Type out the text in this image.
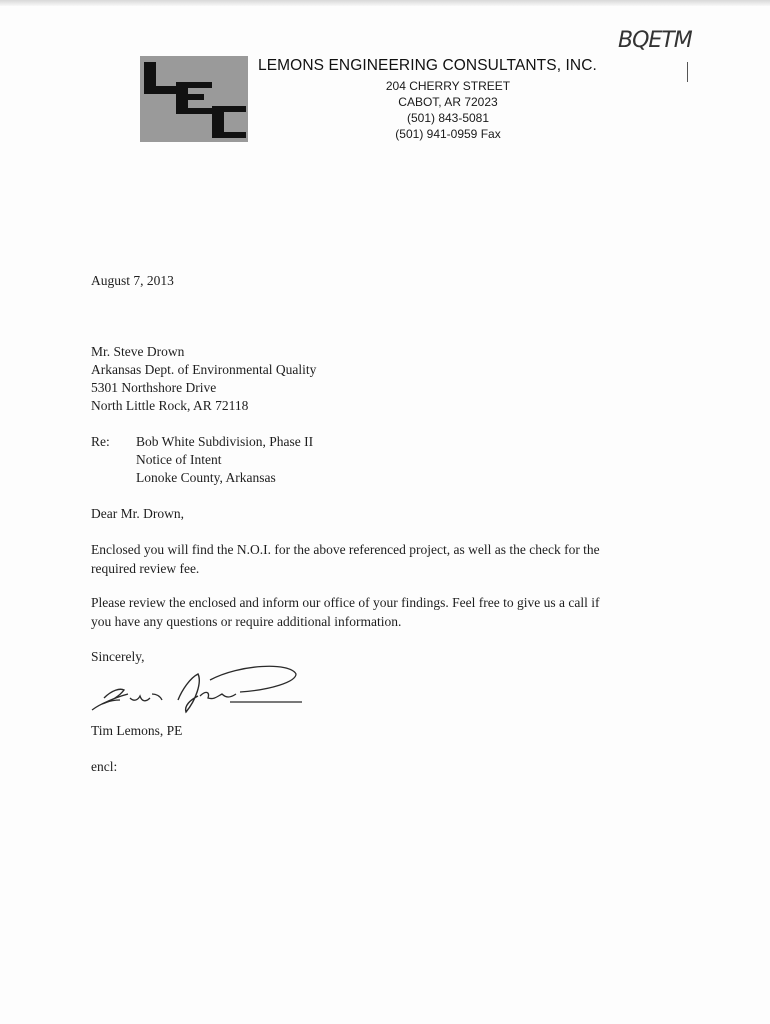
BQETM
LEMONS ENGINEERING CONSULTANTS, INC.
204 CHERRY STREET
CABOT, AR 72023
(501) 843-5081
(501) 941-0959 Fax
August 7, 2013
Mr. Steve Drown
Arkansas Dept. of Environmental Quality
5301 Northshore Drive
North Little Rock, AR 72118
Re: Bob White Subdivision, Phase II
Notice of Intent
Lonoke County, Arkansas
Dear Mr. Drown,
Enclosed you will find the N.O.I. for the above referenced project, as well as the check for the
required review fee.
Please review the enclosed and inform our office of your findings. Feel free to give us a call if
you have any questions or require additional information.
Sincerely,
Tim Lemons, PE
encl:
